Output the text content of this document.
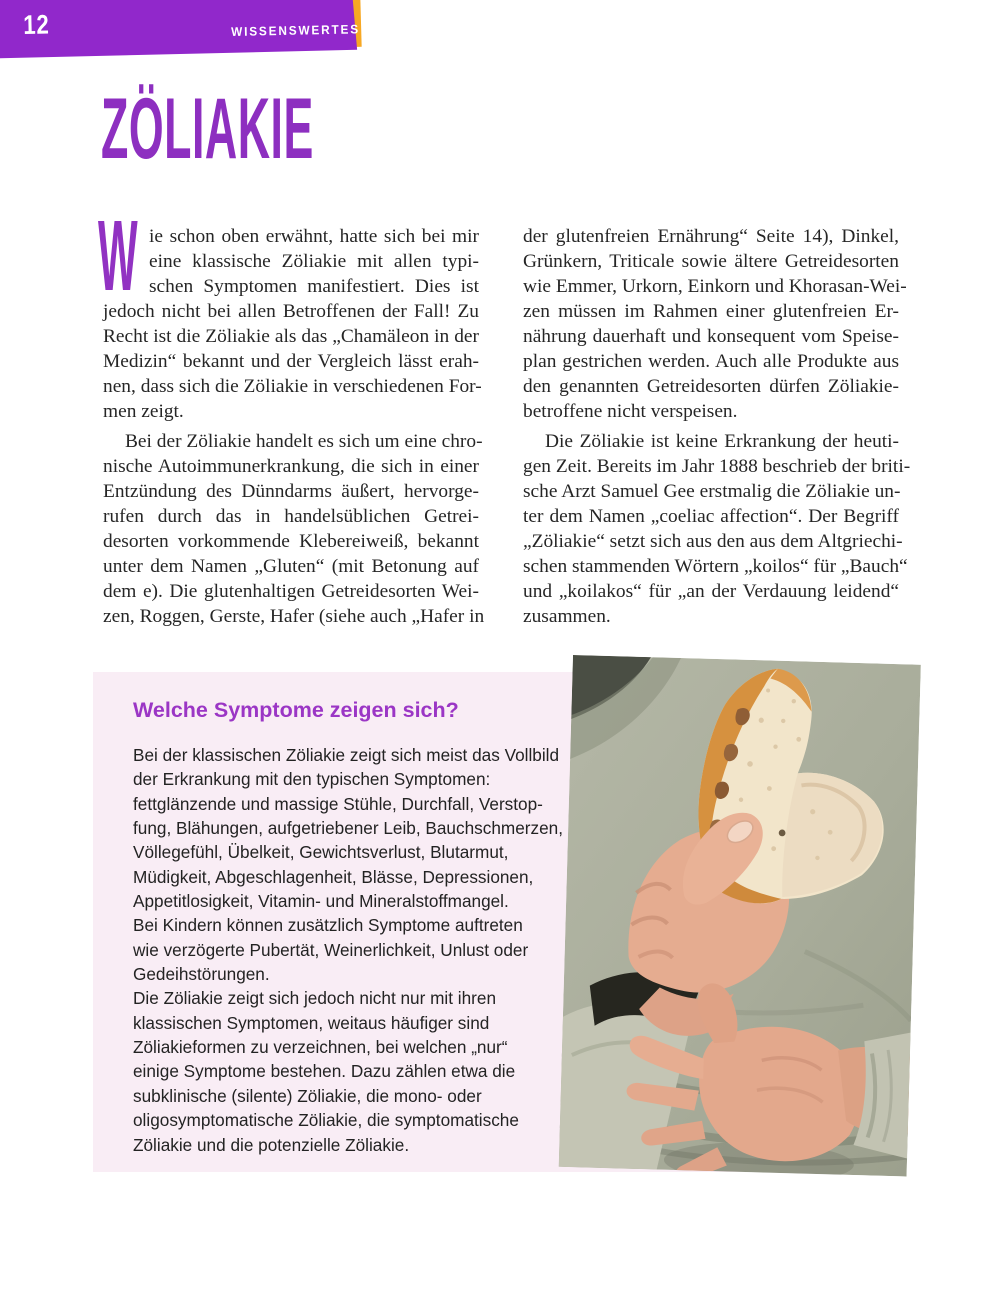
12	WISSENSWERTES
ZÖLIAKIE
W ie schon oben erwähnt, hatte sich bei mir
eine klassische Zöliakie mit allen typi-
schen Symptomen manifestiert. Dies ist
jedoch nicht bei allen Betroffenen der Fall! Zu
Recht ist die Zöliakie als das „Chamäleon in der
Medizin“ bekannt und der Vergleich lässt erah-
nen, dass sich die Zöliakie in verschiedenen For-
men zeigt.
Bei der Zöliakie handelt es sich um eine chro-
nische Autoimmunerkrankung, die sich in einer
Entzündung des Dünndarms äußert, hervorge-
rufen durch das in handelsüblichen Getrei-
desorten vorkommende Klebereiweiß, bekannt
unter dem Namen „Gluten“ (mit Betonung auf
dem e). Die glutenhaltigen Getreidesorten Wei-
zen, Roggen, Gerste, Hafer (siehe auch „Hafer in
der glutenfreien Ernährung“ Seite 14), Dinkel,
Grünkern, Triticale sowie ältere Getreidesorten
wie Emmer, Urkorn, Einkorn und Khorasan-Wei-
zen müssen im Rahmen einer glutenfreien Er-
nährung dauerhaft und konsequent vom Speise-
plan gestrichen werden. Auch alle Produkte aus
den genannten Getreidesorten dürfen Zöliakie-
betroffene nicht verspeisen.
Die Zöliakie ist keine Erkrankung der heuti-
gen Zeit. Bereits im Jahr 1888 beschrieb der briti-
sche Arzt Samuel Gee erstmalig die Zöliakie un-
ter dem Namen „coeliac affection“. Der Begriff
„Zöliakie“ setzt sich aus den aus dem Altgriechi-
schen stammenden Wörtern „koilos“ für „Bauch“
und „koilakos“ für „an der Verdauung leidend“
zusammen.
Welche Symptome zeigen sich?
Bei der klassischen Zöliakie zeigt sich meist das Vollbild
der Erkrankung mit den typischen Symptomen:
fettglänzende und massige Stühle, Durchfall, Verstop-
fung, Blähungen, aufgetriebener Leib, Bauchschmerzen,
Völlegefühl, Übelkeit, Gewichtsverlust, Blutarmut,
Müdigkeit, Abgeschlagenheit, Blässe, Depressionen,
Appetitlosigkeit, Vitamin- und Mineralstoffmangel.
Bei Kindern können zusätzlich Symptome auftreten
wie verzögerte Pubertät, Weinerlichkeit, Unlust oder
Gedeihstörungen.
Die Zöliakie zeigt sich jedoch nicht nur mit ihren
klassischen Symptomen, weitaus häufiger sind
Zöliakieformen zu verzeichnen, bei welchen „nur“
einige Symptome bestehen. Dazu zählen etwa die
subklinische (silente) Zöliakie, die mono- oder
oligosymptomatische Zöliakie, die symptomatische
Zöliakie und die potenzielle Zöliakie.
